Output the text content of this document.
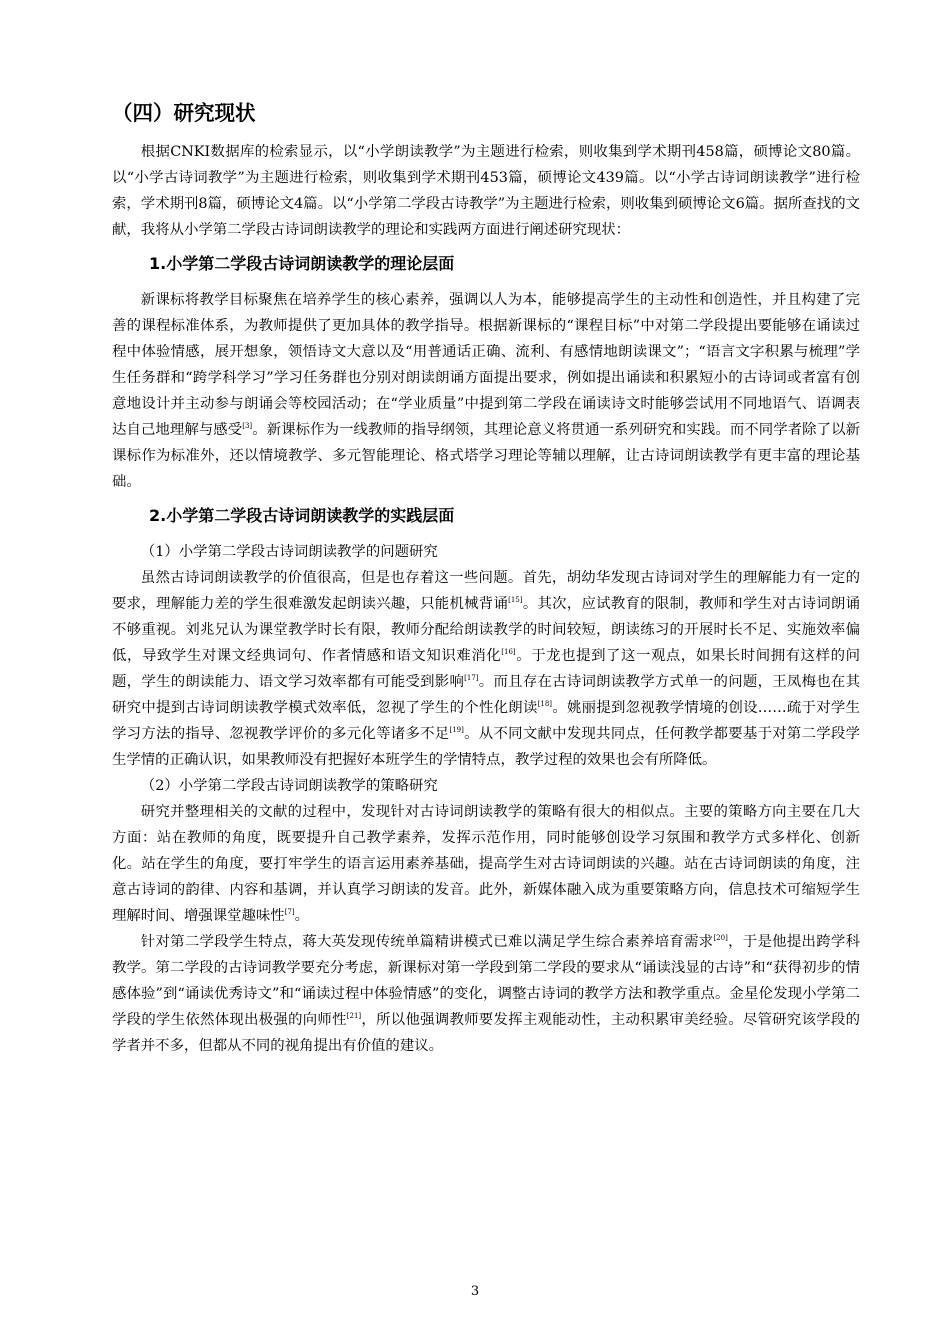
（四）研究现状

根据CNKI数据库的检索显示，以“小学朗读教学”为主题进行检索，则收集到学术期刊458篇，硕博论文80篇。以“小学古诗词教学”为主题进行检索，则收集到学术期刊453篇，硕博论文439篇。以“小学古诗词朗读教学”进行检索，学术期刊8篇，硕博论文4篇。以“小学第二学段古诗教学”为主题进行检索，则收集到硕博论文6篇。据所查找的文献，我将从小学第二学段古诗词朗读教学的理论和实践两方面进行阐述研究现状：

1.小学第二学段古诗词朗读教学的理论层面

新课标将教学目标聚焦在培养学生的核心素养，强调以人为本，能够提高学生的主动性和创造性，并且构建了完善的课程标准体系，为教师提供了更加具体的教学指导。根据新课标的“课程目标”中对第二学段提出要能够在诵读过程中体验情感，展开想象，领悟诗文大意以及“用普通话正确、流利、有感情地朗读课文”；“语言文字积累与梳理”学生任务群和“跨学科学习”学习任务群也分别对朗读朗诵方面提出要求，例如提出诵读和积累短小的古诗词或者富有创意地设计并主动参与朗诵会等校园活动；在“学业质量”中提到第二学段在诵读诗文时能够尝试用不同地语气、语调表达自己地理解与感受[3]。新课标作为一线教师的指导纲领，其理论意义将贯通一系列研究和实践。而不同学者除了以新课标作为标准外，还以情境教学、多元智能理论、格式塔学习理论等辅以理解，让古诗词朗读教学有更丰富的理论基础。

2.小学第二学段古诗词朗读教学的实践层面

（1）小学第二学段古诗词朗读教学的问题研究

虽然古诗词朗读教学的价值很高，但是也存着这一些问题。首先，胡幼华发现古诗词对学生的理解能力有一定的要求，理解能力差的学生很难激发起朗读兴趣，只能机械背诵[15]。其次，应试教育的限制，教师和学生对古诗词朗诵不够重视。刘兆兄认为课堂教学时长有限，教师分配给朗读教学的时间较短，朗读练习的开展时长不足、实施效率偏低，导致学生对课文经典词句、作者情感和语文知识难消化[16]。于龙也提到了这一观点，如果长时间拥有这样的问题，学生的朗读能力、语文学习效率都有可能受到影响[17]。而且存在古诗词朗读教学方式单一的问题，王凤梅也在其研究中提到古诗词朗读教学模式效率低，忽视了学生的个性化朗读[18]。姚丽提到忽视教学情境的创设……疏于对学生学习方法的指导、忽视教学评价的多元化等诸多不足[19]。从不同文献中发现共同点，任何教学都要基于对第二学段学生学情的正确认识，如果教师没有把握好本班学生的学情特点，教学过程的效果也会有所降低。

（2）小学第二学段古诗词朗读教学的策略研究

研究并整理相关的文献的过程中，发现针对古诗词朗读教学的策略有很大的相似点。主要的策略方向主要在几大方面：站在教师的角度，既要提升自己教学素养，发挥示范作用，同时能够创设学习氛围和教学方式多样化、创新化。站在学生的角度，要打牢学生的语言运用素养基础，提高学生对古诗词朗读的兴趣。站在古诗词朗读的角度，注意古诗词的韵律、内容和基调，并认真学习朗读的发音。此外，新媒体融入成为重要策略方向，信息技术可缩短学生理解时间、增强课堂趣味性[7]。

针对第二学段学生特点，蒋大英发现传统单篇精讲模式已难以满足学生综合素养培育需求[20]，于是他提出跨学科教学。第二学段的古诗词教学要充分考虑，新课标对第一学段到第二学段的要求从“诵读浅显的古诗”和“获得初步的情感体验”到“诵读优秀诗文”和“诵读过程中体验情感”的变化，调整古诗词的教学方法和教学重点。金星伦发现小学第二学段的学生依然体现出极强的向师性[21]，所以他强调教师要发挥主观能动性，主动积累审美经验。尽管研究该学段的学者并不多，但都从不同的视角提出有价值的建议。

3
